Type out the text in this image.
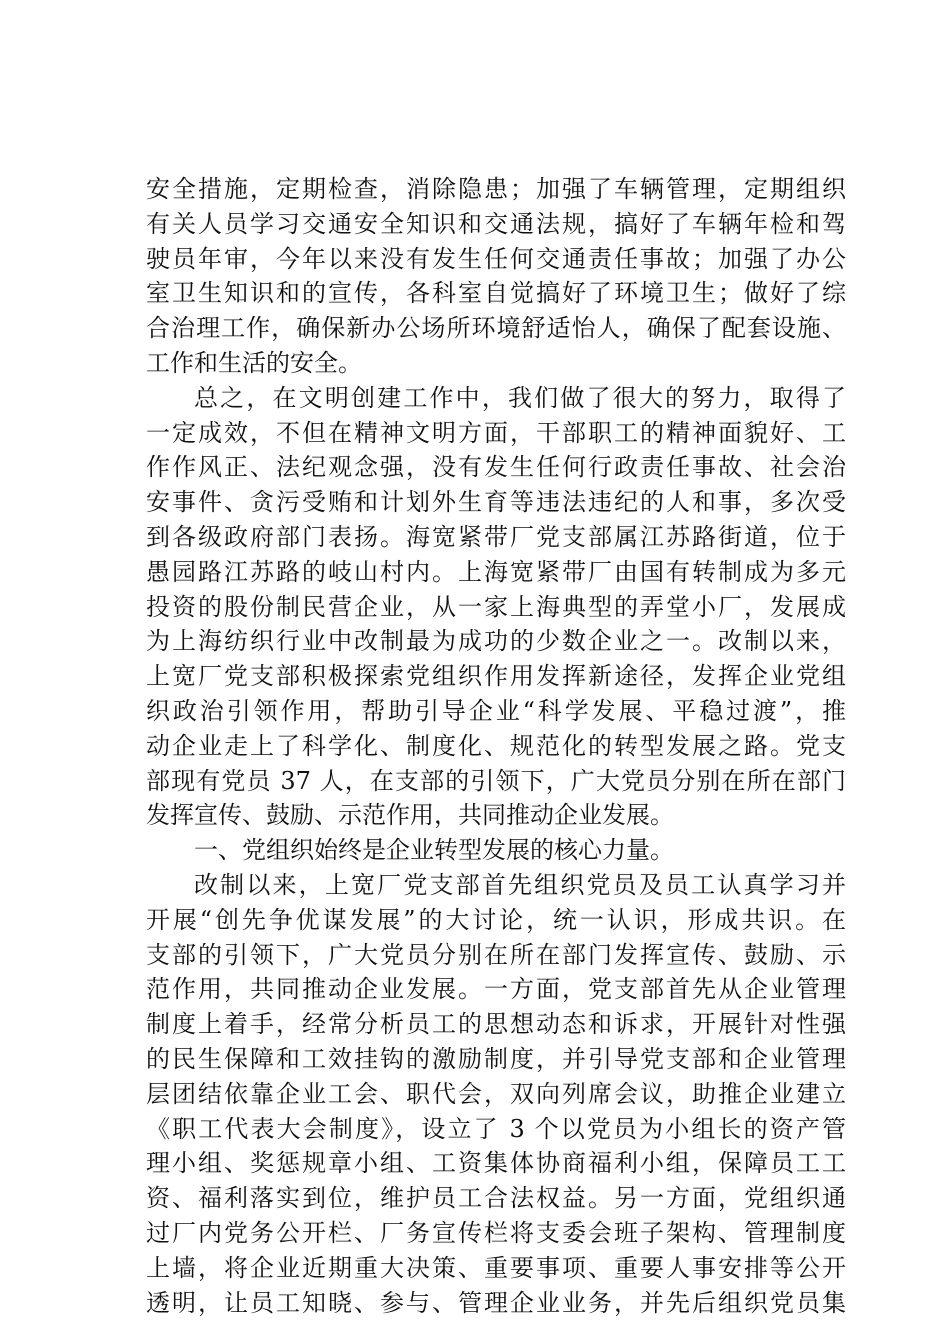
安全措施，定期检查，消除隐患；加强了车辆管理，定期组织
有关人员学习交通安全知识和交通法规，搞好了车辆年检和驾
驶员年审，今年以来没有发生任何交通责任事故；加强了办公
室卫生知识和的宣传，各科室自觉搞好了环境卫生；做好了综
合治理工作，确保新办公场所环境舒适怡人，确保了配套设施、
工作和生活的安全。
总之，在文明创建工作中，我们做了很大的努力，取得了
一定成效，不但在精神文明方面，干部职工的精神面貌好、工
作作风正、法纪观念强，没有发生任何行政责任事故、社会治
安事件、贪污受贿和计划外生育等违法违纪的人和事，多次受
到各级政府部门表扬。海宽紧带厂党支部属江苏路街道，位于
愚园路江苏路的岐山村内。上海宽紧带厂由国有转制成为多元
投资的股份制民营企业，从一家上海典型的弄堂小厂，发展成
为上海纺织行业中改制最为成功的少数企业之一。改制以来，
上宽厂党支部积极探索党组织作用发挥新途径，发挥企业党组
织政治引领作用，帮助引导企业“科学发展、平稳过渡”，推
动企业走上了科学化、制度化、规范化的转型发展之路。党支
部现有党员 37 人，在支部的引领下，广大党员分别在所在部门
发挥宣传、鼓励、示范作用，共同推动企业发展。
一、党组织始终是企业转型发展的核心力量。
改制以来，上宽厂党支部首先组织党员及员工认真学习并
开展“创先争优谋发展”的大讨论，统一认识，形成共识。在
支部的引领下，广大党员分别在所在部门发挥宣传、鼓励、示
范作用，共同推动企业发展。一方面，党支部首先从企业管理
制度上着手，经常分析员工的思想动态和诉求，开展针对性强
的民生保障和工效挂钩的激励制度，并引导党支部和企业管理
层团结依靠企业工会、职代会，双向列席会议，助推企业建立
《职工代表大会制度》，设立了 3 个以党员为小组长的资产管
理小组、奖惩规章小组、工资集体协商福利小组，保障员工工
资、福利落实到位，维护员工合法权益。另一方面，党组织通
过厂内党务公开栏、厂务宣传栏将支委会班子架构、管理制度
上墙，将企业近期重大决策、重要事项、重要人事安排等公开
透明，让员工知晓、参与、管理企业业务，并先后组织党员集
